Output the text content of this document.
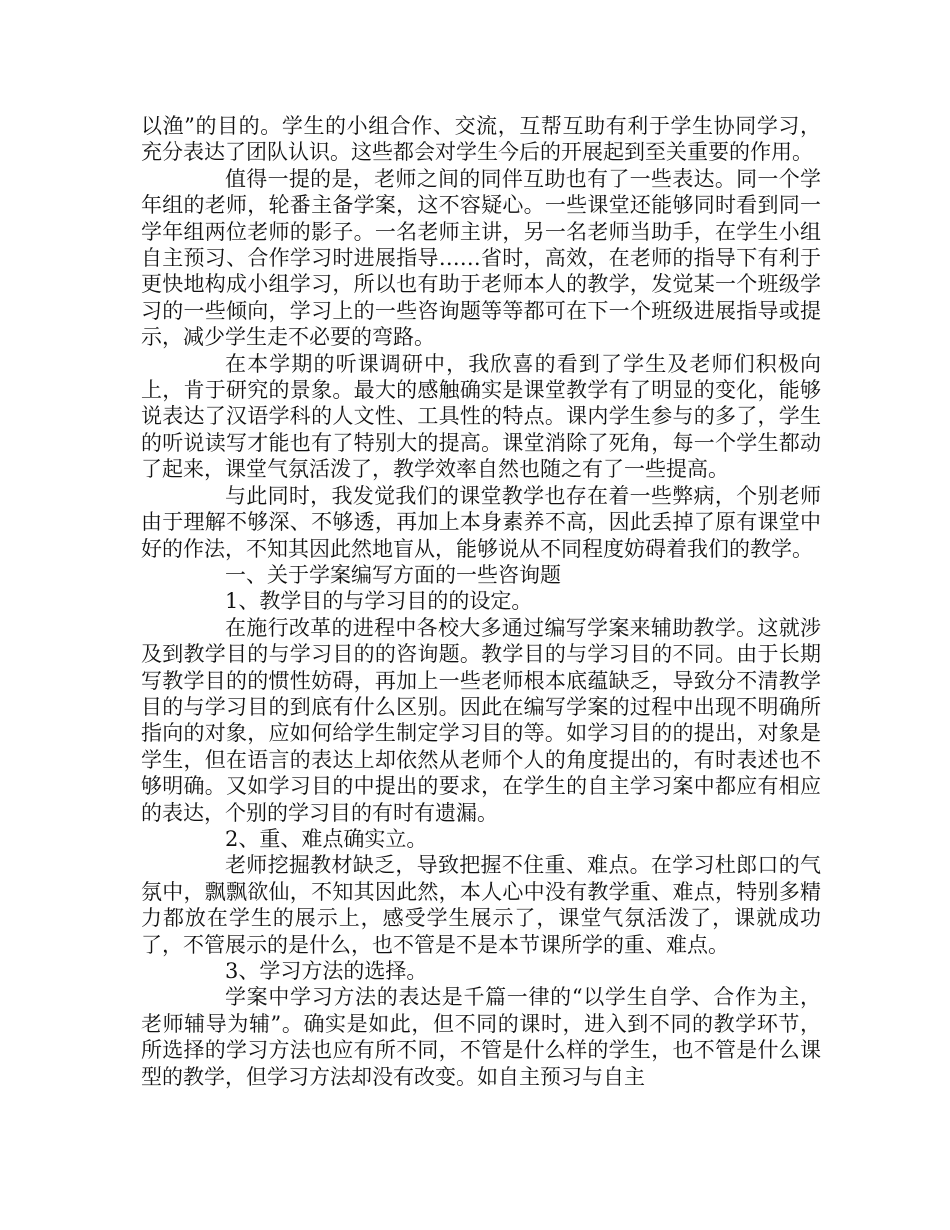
以渔”的目的。学生的小组合作、交流，互帮互助有利于学生协同学习，充分表达了团队认识。这些都会对学生今后的开展起到至关重要的作用。

值得一提的是，老师之间的同伴互助也有了一些表达。同一个学年组的老师，轮番主备学案，这不容疑心。一些课堂还能够同时看到同一学年组两位老师的影子。一名老师主讲，另一名老师当助手，在学生小组自主预习、合作学习时进展指导……省时，高效，在老师的指导下有利于更快地构成小组学习，所以也有助于老师本人的教学，发觉某一个班级学习的一些倾向，学习上的一些咨询题等等都可在下一个班级进展指导或提示，减少学生走不必要的弯路。

在本学期的听课调研中，我欣喜的看到了学生及老师们积极向上，肯于研究的景象。最大的感触确实是课堂教学有了明显的变化，能够说表达了汉语学科的人文性、工具性的特点。课内学生参与的多了，学生的听说读写才能也有了特别大的提高。课堂消除了死角，每一个学生都动了起来，课堂气氛活泼了，教学效率自然也随之有了一些提高。

与此同时，我发觉我们的课堂教学也存在着一些弊病，个别老师由于理解不够深、不够透，再加上本身素养不高，因此丢掉了原有课堂中好的作法，不知其因此然地盲从，能够说从不同程度妨碍着我们的教学。

一、关于学案编写方面的一些咨询题

1、教学目的与学习目的的设定。

在施行改革的进程中各校大多通过编写学案来辅助教学。这就涉及到教学目的与学习目的的咨询题。教学目的与学习目的不同。由于长期写教学目的的惯性妨碍，再加上一些老师根本底蕴缺乏，导致分不清教学目的与学习目的到底有什么区别。因此在编写学案的过程中出现不明确所指向的对象，应如何给学生制定学习目的等。如学习目的的提出，对象是学生，但在语言的表达上却依然从老师个人的角度提出的，有时表述也不够明确。又如学习目的中提出的要求，在学生的自主学习案中都应有相应的表达，个别的学习目的有时有遗漏。

2、重、难点确实立。

老师挖掘教材缺乏，导致把握不住重、难点。在学习杜郎口的气氛中，飘飘欲仙，不知其因此然，本人心中没有教学重、难点，特别多精力都放在学生的展示上，感受学生展示了，课堂气氛活泼了，课就成功了，不管展示的是什么，也不管是不是本节课所学的重、难点。

3、学习方法的选择。

学案中学习方法的表达是千篇一律的“以学生自学、合作为主，老师辅导为辅”。确实是如此，但不同的课时，进入到不同的教学环节，所选择的学习方法也应有所不同，不管是什么样的学生，也不管是什么课型的教学，但学习方法却没有改变。如自主预习与自主
